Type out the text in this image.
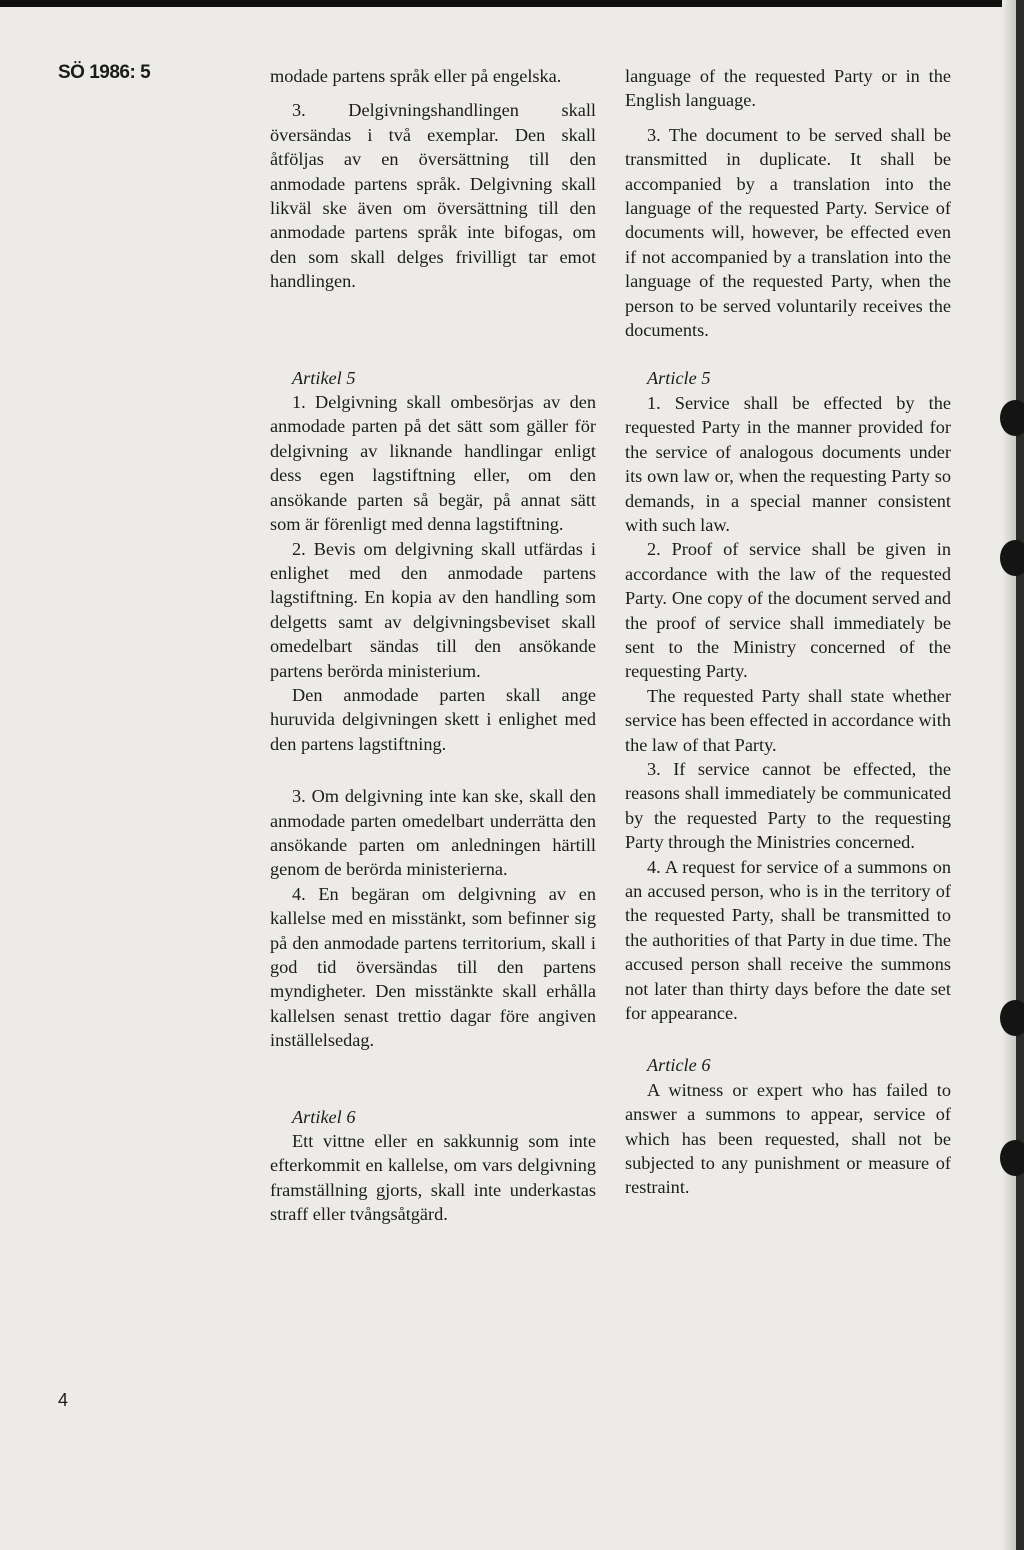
SÖ 1986: 5
4

modade partens språk eller på engelska.

3. Delgivningshandlingen skall översändas i två exemplar. Den skall åtföljas av en översättning till den anmodade partens språk. Delgivning skall likväl ske även om översättning till den anmodade partens språk inte bifogas, om den som skall delges frivilligt tar emot handlingen.

Artikel 5

1. Delgivning skall ombesörjas av den anmodade parten på det sätt som gäller för delgivning av liknande handlingar enligt dess egen lagstiftning eller, om den ansökande parten så begär, på annat sätt som är förenligt med denna lagstiftning.

2. Bevis om delgivning skall utfärdas i enlighet med den anmodade partens lagstiftning. En kopia av den handling som delgetts samt av delgivningsbeviset skall omedelbart sändas till den ansökande partens berörda ministerium.

Den anmodade parten skall ange huruvida delgivningen skett i enlighet med den partens lagstiftning.

3. Om delgivning inte kan ske, skall den anmodade parten omedelbart underrätta den ansökande parten om anledningen härtill genom de berörda ministerierna.

4. En begäran om delgivning av en kallelse med en misstänkt, som befinner sig på den anmodade partens territorium, skall i god tid översändas till den partens myndigheter. Den misstänkte skall erhålla kallelsen senast trettio dagar före angiven inställelsedag.

Artikel 6

Ett vittne eller en sakkunnig som inte efterkommit en kallelse, om vars delgivning framställning gjorts, skall inte underkastas straff eller tvångsåtgärd.

language of the requested Party or in the English language.

3. The document to be served shall be transmitted in duplicate. It shall be accompanied by a translation into the language of the requested Party. Service of documents will, however, be effected even if not accompanied by a translation into the language of the requested Party, when the person to be served voluntarily receives the documents.

Article 5

1. Service shall be effected by the requested Party in the manner provided for the service of analogous documents under its own law or, when the requesting Party so demands, in a special manner consistent with such law.

2. Proof of service shall be given in accordance with the law of the requested Party. One copy of the document served and the proof of service shall immediately be sent to the Ministry concerned of the requesting Party.

The requested Party shall state whether service has been effected in accordance with the law of that Party.

3. If service cannot be effected, the reasons shall immediately be communicated by the requested Party to the requesting Party through the Ministries concerned.

4. A request for service of a summons on an accused person, who is in the territory of the requested Party, shall be transmitted to the authorities of that Party in due time. The accused person shall receive the summons not later than thirty days before the date set for appearance.

Article 6

A witness or expert who has failed to answer a summons to appear, service of which has been requested, shall not be subjected to any punishment or measure of restraint.
